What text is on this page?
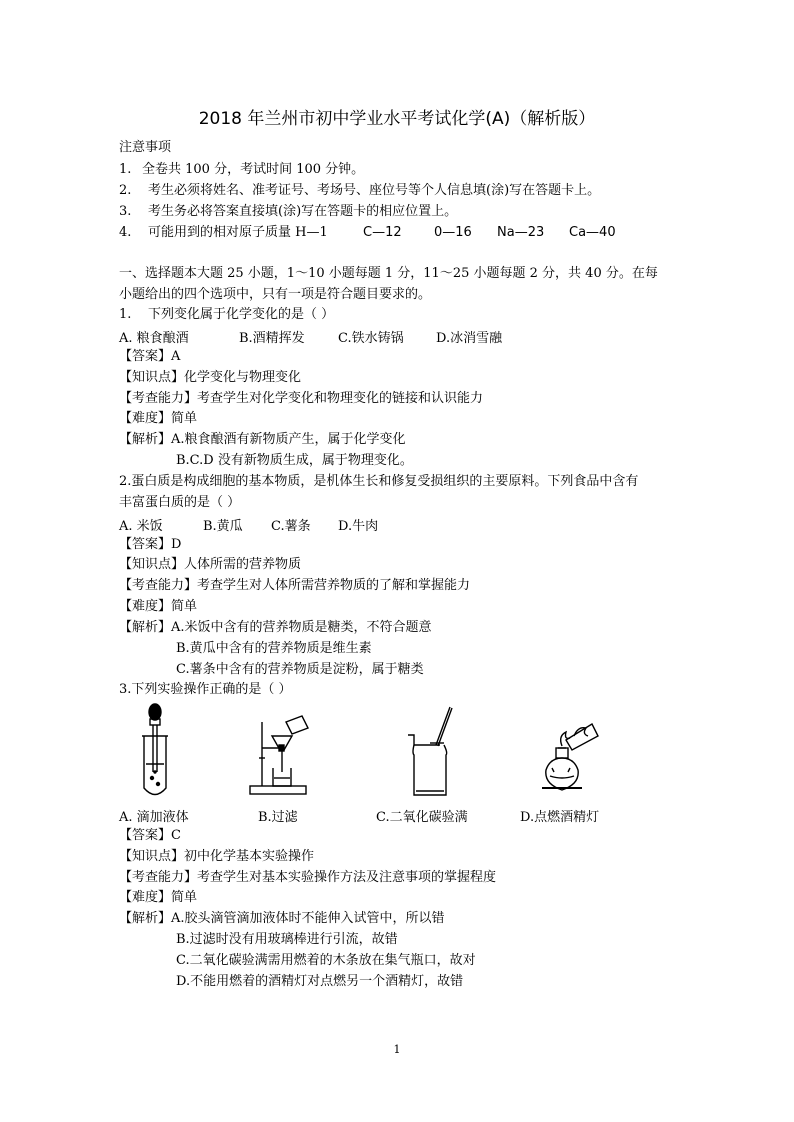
2018 年兰州市初中学业水平考试化学(A)（解析版）
注意事项
1. 全卷共 100 分，考试时间 100 分钟。
2. 考生必须将姓名、准考证号、考场号、座位号等个人信息填(涂)写在答题卡上。
3. 考生务必将答案直接填(涂)写在答题卡的相应位置上。
4. 可能用到的相对原子质量 H—1	C—12 0—16 Na—23 Ca—40
一、选择题本大题 25 小题，1～10 小题每题 1 分，11～25 小题每题 2 分，共 40 分。在每
小题给出的四个选项中，只有一项是符合题目要求的。
1. 下列变化属于化学变化的是（ ）
A. 粮食酿酒	B.酒精挥发	C.铁水铸锅 D.冰消雪融
【答案】A
【知识点】化学变化与物理变化
【考查能力】考查学生对化学变化和物理变化的链接和认识能力
【难度】简单
【解析】A.粮食酿酒有新物质产生，属于化学变化
B.C.D 没有新物质生成，属于物理变化。
2.蛋白质是构成细胞的基本物质，是机体生长和修复受损组织的主要原料。下列食品中含有
丰富蛋白质的是（ ）
A. 米饭	B.黄瓜 C.薯条 D.牛肉
【答案】D
【知识点】人体所需的营养物质
【考查能力】考查学生对人体所需营养物质的了解和掌握能力
【难度】简单
【解析】A.米饭中含有的营养物质是糖类，不符合题意
B.黄瓜中含有的营养物质是维生素
C.薯条中含有的营养物质是淀粉，属于糖类
3.下列实验操作正确的是（ ）
A. 滴加液体	B.过滤	C.二氧化碳验满	D.点燃酒精灯
【答案】C
【知识点】初中化学基本实验操作
【考查能力】考查学生对基本实验操作方法及注意事项的掌握程度
【难度】简单
【解析】A.胶头滴管滴加液体时不能伸入试管中，所以错
B.过滤时没有用玻璃棒进行引流，故错
C.二氧化碳验满需用燃着的木条放在集气瓶口，故对
D.不能用燃着的酒精灯对点燃另一个酒精灯，故错
1
